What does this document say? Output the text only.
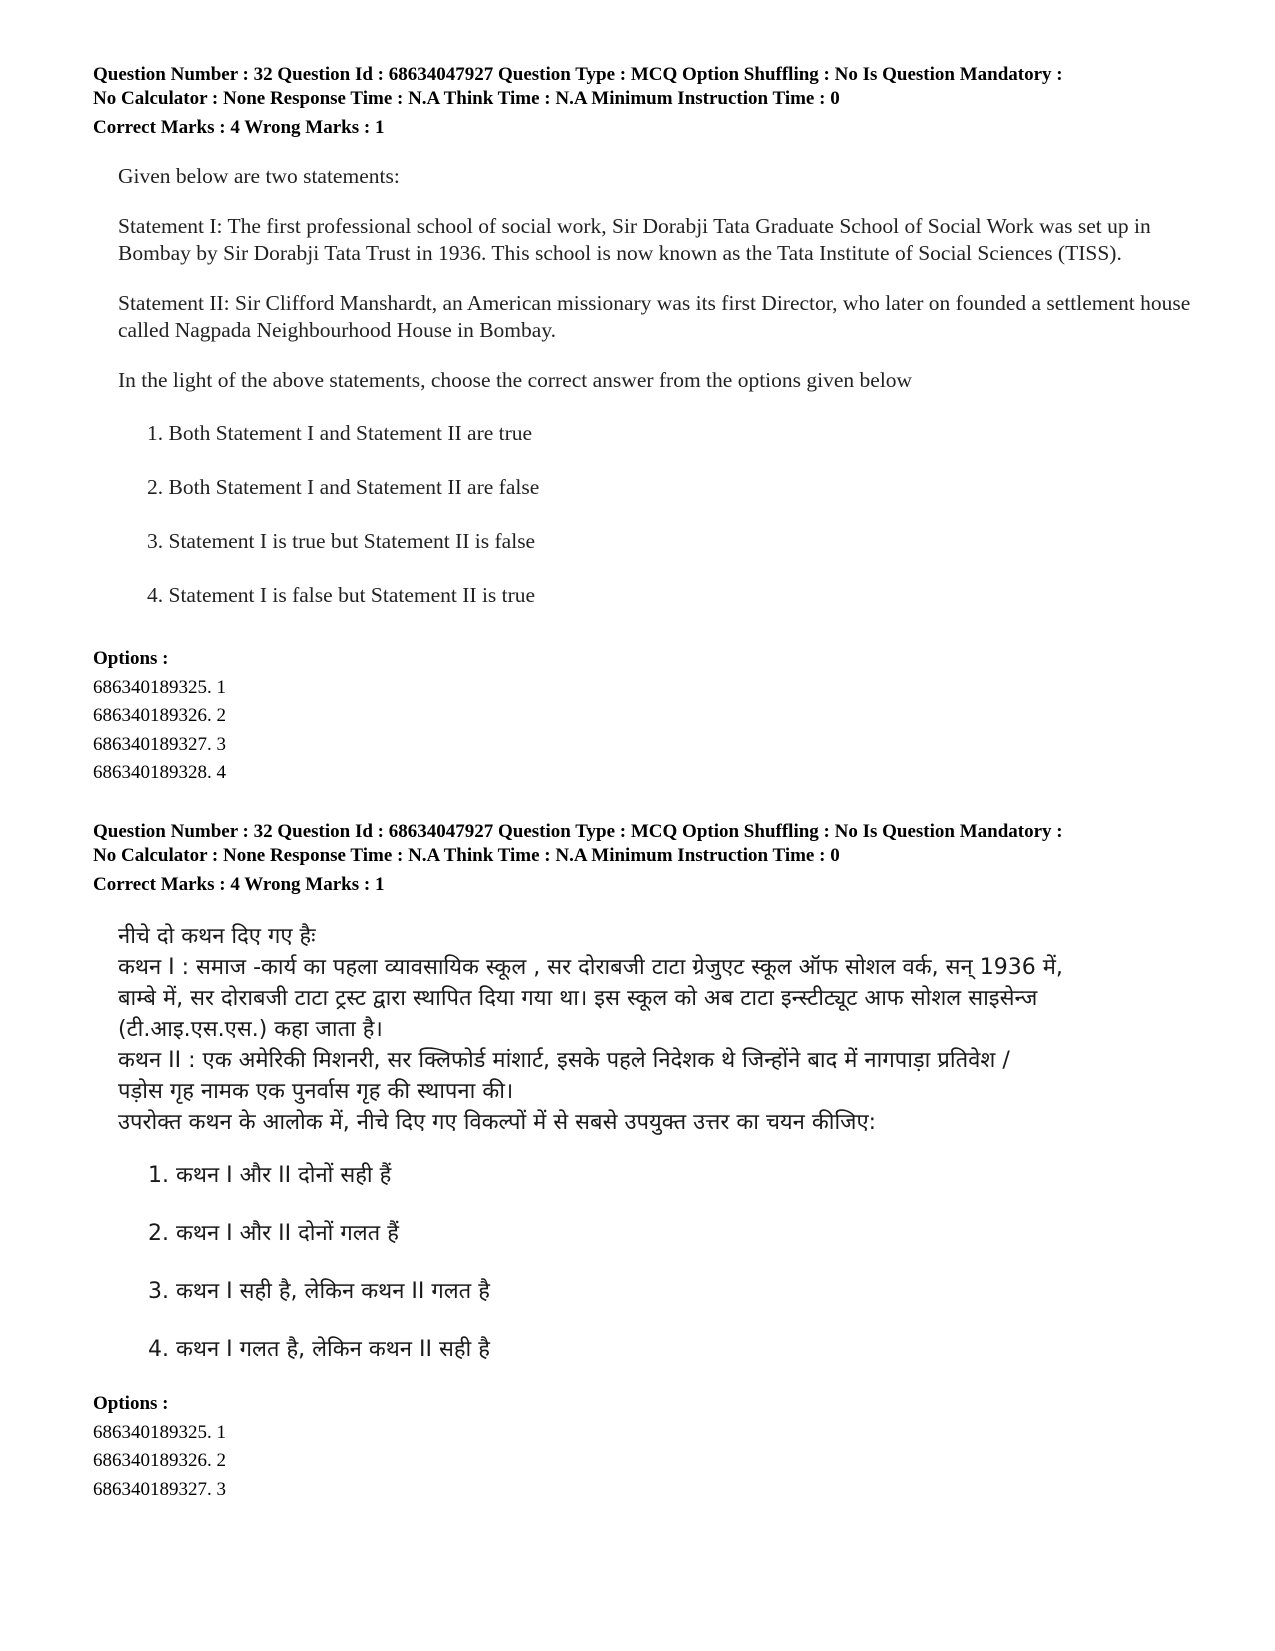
Question Number : 32 Question Id : 68634047927 Question Type : MCQ Option Shuffling : No Is Question Mandatory :
No Calculator : None Response Time : N.A Think Time : N.A Minimum Instruction Time : 0
Correct Marks : 4 Wrong Marks : 1

Given below are two statements:

Statement I: The first professional school of social work, Sir Dorabji Tata Graduate School of Social Work was set up in Bombay by Sir Dorabji Tata Trust in 1936. This school is now known as the Tata Institute of Social Sciences (TISS).

Statement II: Sir Clifford Manshardt, an American missionary was its first Director, who later on founded a settlement house called Nagpada Neighbourhood House in Bombay.

In the light of the above statements, choose the correct answer from the options given below

1. Both Statement I and Statement II are true
2. Both Statement I and Statement II are false
3. Statement I is true but Statement II is false
4. Statement I is false but Statement II is true
Options :
686340189325. 1
686340189326. 2
686340189327. 3
686340189328. 4
Question Number : 32 Question Id : 68634047927 Question Type : MCQ Option Shuffling : No Is Question Mandatory :
No Calculator : None Response Time : N.A Think Time : N.A Minimum Instruction Time : 0
Correct Marks : 4 Wrong Marks : 1

नीचे दो कथन दिए गए हैः

कथन I : समाज -कार्य का पहला व्यावसायिक स्कूल , सर दोराबजी टाटा ग्रेजुएट स्कूल ऑफ सोशल वर्क, सन् 1936 में,

बाम्बे में, सर दोराबजी टाटा ट्रस्ट द्वारा स्थापित दिया गया था। इस स्कूल को अब टाटा इन्स्टीट्यूट आफ सोशल साइसेन्ज

(टी.आइ.एस.एस.) कहा जाता है।

कथन II : एक अमेरिकी मिशनरी, सर क्लिफोर्ड मांशार्ट, इसके पहले निदेशक थे जिन्होंने बाद में नागपाड़ा प्रतिवेश /

पड़ोस गृह नामक एक पुनर्वास गृह की स्थापना की।

उपरोक्त कथन के आलोक में, नीचे दिए गए विकल्पों में से सबसे उपयुक्त उत्तर का चयन कीजिए:

1. कथन I और II दोनों सही हैं
2. कथन I और II दोनों गलत हैं
3. कथन I सही है, लेकिन कथन II गलत है
4. कथन I गलत है, लेकिन कथन II सही है
Options :
686340189325. 1
686340189326. 2
686340189327. 3
